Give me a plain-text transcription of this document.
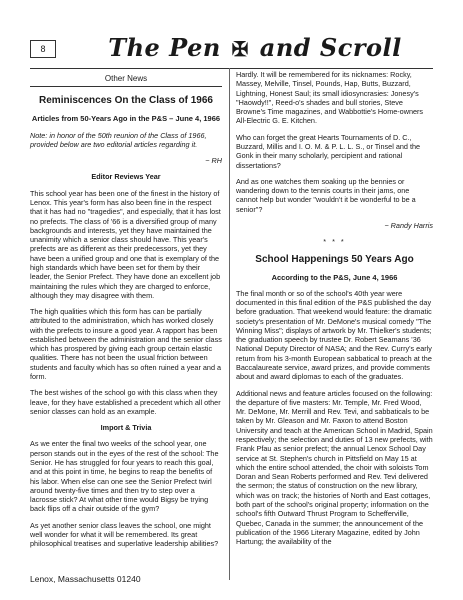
8	The Pen ✠ and Scroll
Other News

Reminiscences On the Class of 1966

Articles from 50-Years Ago in the P&S – June 4, 1966

Note: in honor of the 50th reunion of the Class of 1966, provided below are two editorial articles regarding it.

~ RH

Editor Reviews Year

This school year has been one of the finest in the history of Lenox. This year's form has also been fine in the respect that it has had no "tragedies", and especially, that it has lost no prefects. The class of '66 is a diversified group of many backgrounds and interests, yet they have maintained the unanimity which a senior class should have. This year's prefects are as different as their predecessors, yet they have been a unified group and one that is exemplary of the high standards which have been set for them by their leader, the Senior Prefect. They have done an excellent job maintaining the rules which they are charged to enforce, although they may disagree with them.

The high qualities which this form has can be partially attributed to the administration, which has worked closely with the prefects to insure a good year. A rapport has been established between the administration and the senior class which has prospered by giving each group certain elastic qualities. There has not been the usual friction between students and faculty which has so often ruined a year and a form.

The best wishes of the school go with this class when they leave, for they have established a precedent which all other senior classes can hold as an example.

Import & Trivia

As we enter the final two weeks of the school year, one person stands out in the eyes of the rest of the school: The Senior. He has struggled for four years to reach this goal, and at this point in time, he begins to reap the benefits of his labor. When else can one see the Senior Prefect twirl around twenty-five times and then try to step over a lacrosse stick? At what other time would Bigsy be trying back flips off a chair outside of the gym?

As yet another senior class leaves the school, one might well wonder for what it will be remembered. Its great philosophical treatises and superlative leadership abilities?

Hardly. It will be remembered for its nicknames: Rocky, Massey, Melville, Tinsel, Pounds, Hap, Butts, Buzzard, Lightning, Honest Saul; its small idiosyncrasies: Jonesy's "Haowdy!!", Reed-o's shades and bull stories, Steve Browne's Time magazines, and Wabbottie's Home-owners All-Electric G. E. Kitchen.

Who can forget the great Hearts Tournaments of D. C., Buzzard, Millis and I. O. M. & P. L. L. S., or Tinsel and the Gonk in their many scholarly, percipient and rational dissertations?

And as one watches them soaking up the bennies or wandering down to the tennis courts in their jams, one cannot help but wonder "wouldn't it be wonderful to be a senior"?

~ Randy Harris

* * *

School Happenings 50 Years Ago

According to the P&S, June 4, 1966

The final month or so of the school's 40th year were documented in this final edition of the P&S published the day before graduation. That weekend would feature: the dramatic society's presentation of Mr. DeMone's musical comedy "The Winning Miss"; displays of artwork by Mr. Thielker's students; the graduation speech by trustee Dr. Robert Seamans '36 National Deputy Director of NASA; and the Rev. Curry's early return from his 3-month European sabbatical to preach at the Baccalaureate service, award prizes, and provide comments about and award diplomas to each of the graduates.

Additional news and feature articles focused on the following: the departure of five masters: Mr. Temple, Mr. Fred Wood, Mr. DeMone, Mr. Merrill and Rev. Tevi, and sabbaticals to be taken by Mr. Gleason and Mr. Faxon to attend Boston University and teach at the American School in Madrid, Spain respectively; the selection and duties of 13 new prefects, with Frank Pfau as senior prefect; the annual Lenox School Day service at St. Stephen's church in Pittsfield on May 15 at which the entire school attended, the choir with soloists Tom Doran and Sean Roberts performed and Rev. Tevi delivered the sermon; the status of construction on the new library, which was on track; the histories of North and East cottages, both part of the school's original property; information on the school's fifth Outward Thrust Program to Schefferville, Quebec, Canada in the summer; the announcement of the publication of the 1966 Literary Magazine, edited by John Hartung; the availability of the

Lenox, Massachusetts 01240
